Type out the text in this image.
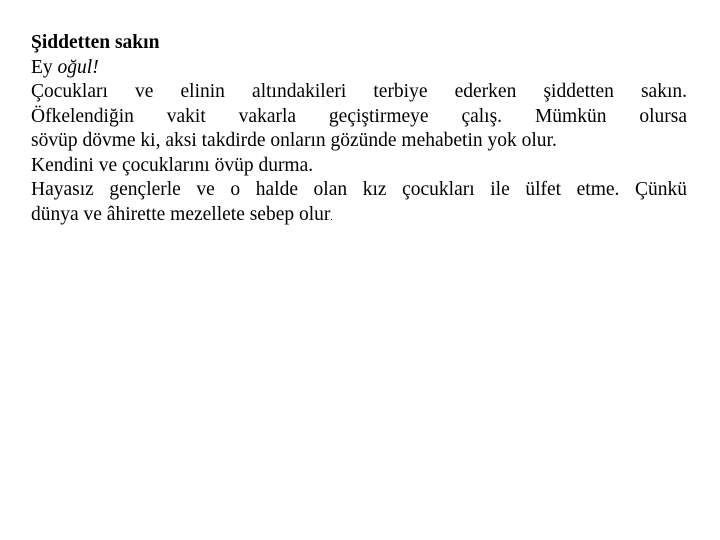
Şiddetten sakın
Ey oğul!
Çocukları ve elinin altındakileri terbiye ederken şiddetten sakın.
Öfkelendiğin vakit vakarla geçiştirmeye çalış. Mümkün olursa
sövüp dövme ki, aksi takdirde onların gözünde mehabetin yok olur.
Kendini ve çocuklarını övüp durma.
Hayasız gençlerle ve o halde olan kız çocukları ile ülfet etme. Çünkü
dünya ve âhirette mezellete sebep olur.
